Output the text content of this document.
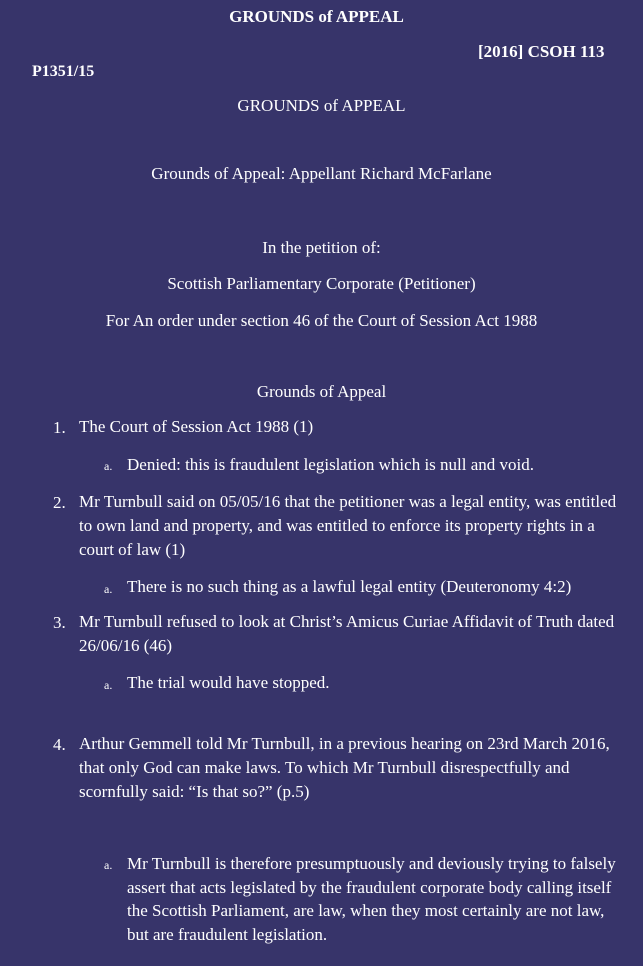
GROUNDS of APPEAL
[2016] CSOH 113
P1351/15
GROUNDS of APPEAL
Grounds of Appeal: Appellant Richard McFarlane
In the petition of:
Scottish Parliamentary Corporate (Petitioner)
For An order under section 46 of the Court of Session Act 1988
Grounds of Appeal
1. The Court of Session Act 1988 (1)
a. Denied: this is fraudulent legislation which is null and void.
2. Mr Turnbull said on 05/05/16 that the petitioner was a legal entity, was entitled to own land and property, and was entitled to enforce its property rights in a court of law (1)
a. There is no such thing as a lawful legal entity (Deuteronomy 4:2)
3. Mr Turnbull refused to look at Christ’s Amicus Curiae Affidavit of Truth dated 26/06/16 (46)
a. The trial would have stopped.
4. Arthur Gemmell told Mr Turnbull, in a previous hearing on 23rd March 2016, that only God can make laws. To which Mr Turnbull disrespectfully and scornfully said: “Is that so?” (p.5)
a. Mr Turnbull is therefore presumptuously and deviously trying to falsely assert that acts legislated by the fraudulent corporate body calling itself the Scottish Parliament, are law, when they most certainly are not law, but are fraudulent legislation.
